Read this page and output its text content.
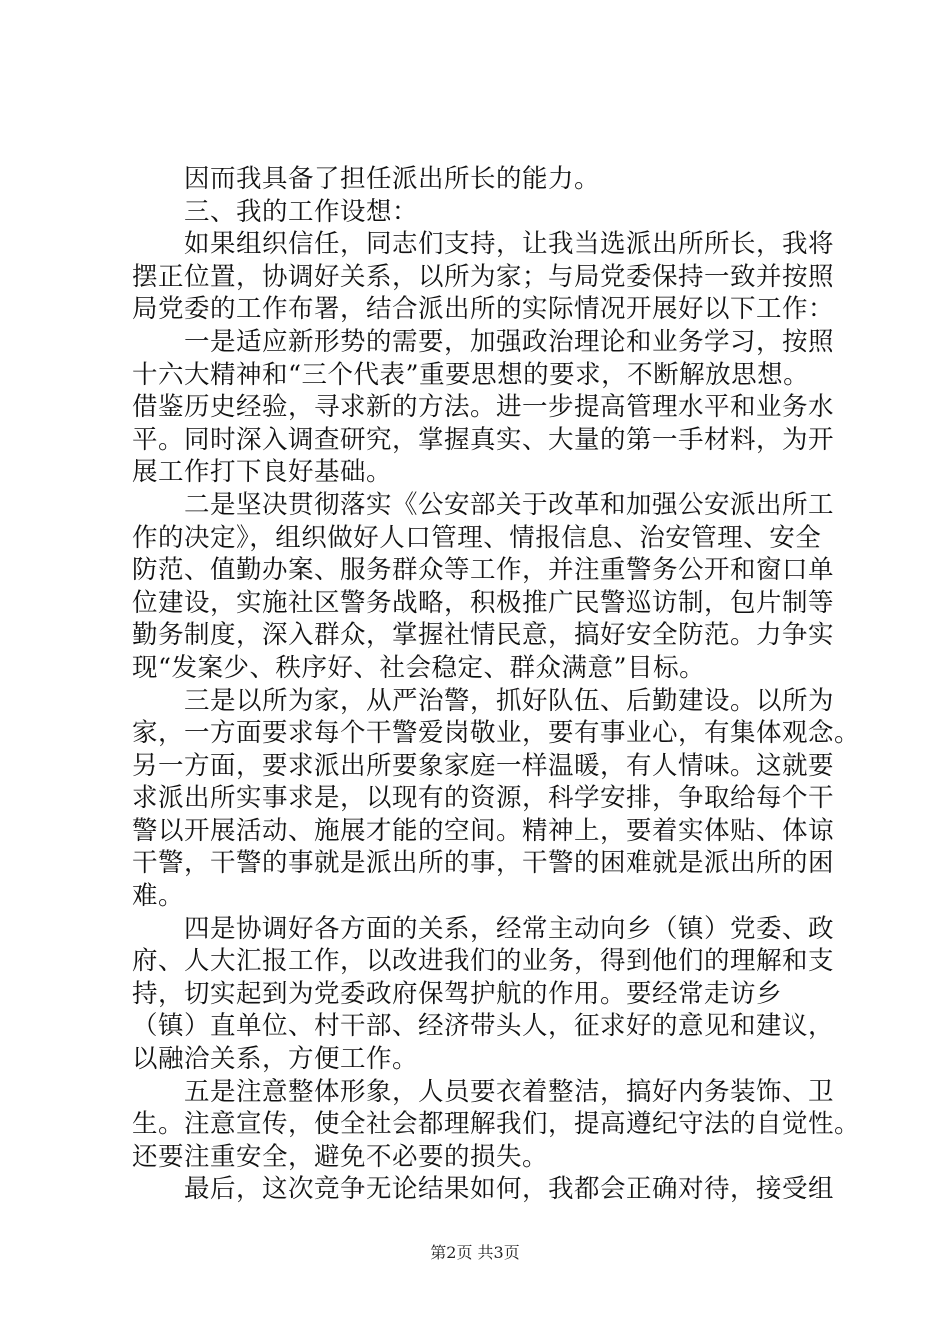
因而我具备了担任派出所长的能力。
三、我的工作设想：
如果组织信任，同志们支持，让我当选派出所所长，我将
摆正位置，协调好关系，以所为家；与局党委保持一致并按照
局党委的工作布署，结合派出所的实际情况开展好以下工作：
一是适应新形势的需要，加强政治理论和业务学习，按照
十六大精神和“三个代表”重要思想的要求，不断解放思想。
借鉴历史经验，寻求新的方法。进一步提高管理水平和业务水
平。同时深入调查研究，掌握真实、大量的第一手材料，为开
展工作打下良好基础。
二是坚决贯彻落实《公安部关于改革和加强公安派出所工
作的决定》，组织做好人口管理、情报信息、治安管理、安全
防范、值勤办案、服务群众等工作，并注重警务公开和窗口单
位建设，实施社区警务战略，积极推广民警巡访制，包片制等
勤务制度，深入群众，掌握社情民意，搞好安全防范。力争实
现“发案少、秩序好、社会稳定、群众满意”目标。
三是以所为家，从严治警，抓好队伍、后勤建设。以所为
家，一方面要求每个干警爱岗敬业，要有事业心，有集体观念。
另一方面，要求派出所要象家庭一样温暖，有人情味。这就要
求派出所实事求是，以现有的资源，科学安排，争取给每个干
警以开展活动、施展才能的空间。精神上，要着实体贴、体谅
干警，干警的事就是派出所的事，干警的困难就是派出所的困
难。
四是协调好各方面的关系，经常主动向乡（镇）党委、政
府、人大汇报工作，以改进我们的业务，得到他们的理解和支
持，切实起到为党委政府保驾护航的作用。要经常走访乡
（镇）直单位、村干部、经济带头人，征求好的意见和建议，
以融洽关系，方便工作。
五是注意整体形象，人员要衣着整洁，搞好内务装饰、卫
生。注意宣传，使全社会都理解我们，提高遵纪守法的自觉性。
还要注重安全，避免不必要的损失。
最后，这次竞争无论结果如何，我都会正确对待，接受组
第2页 共3页
